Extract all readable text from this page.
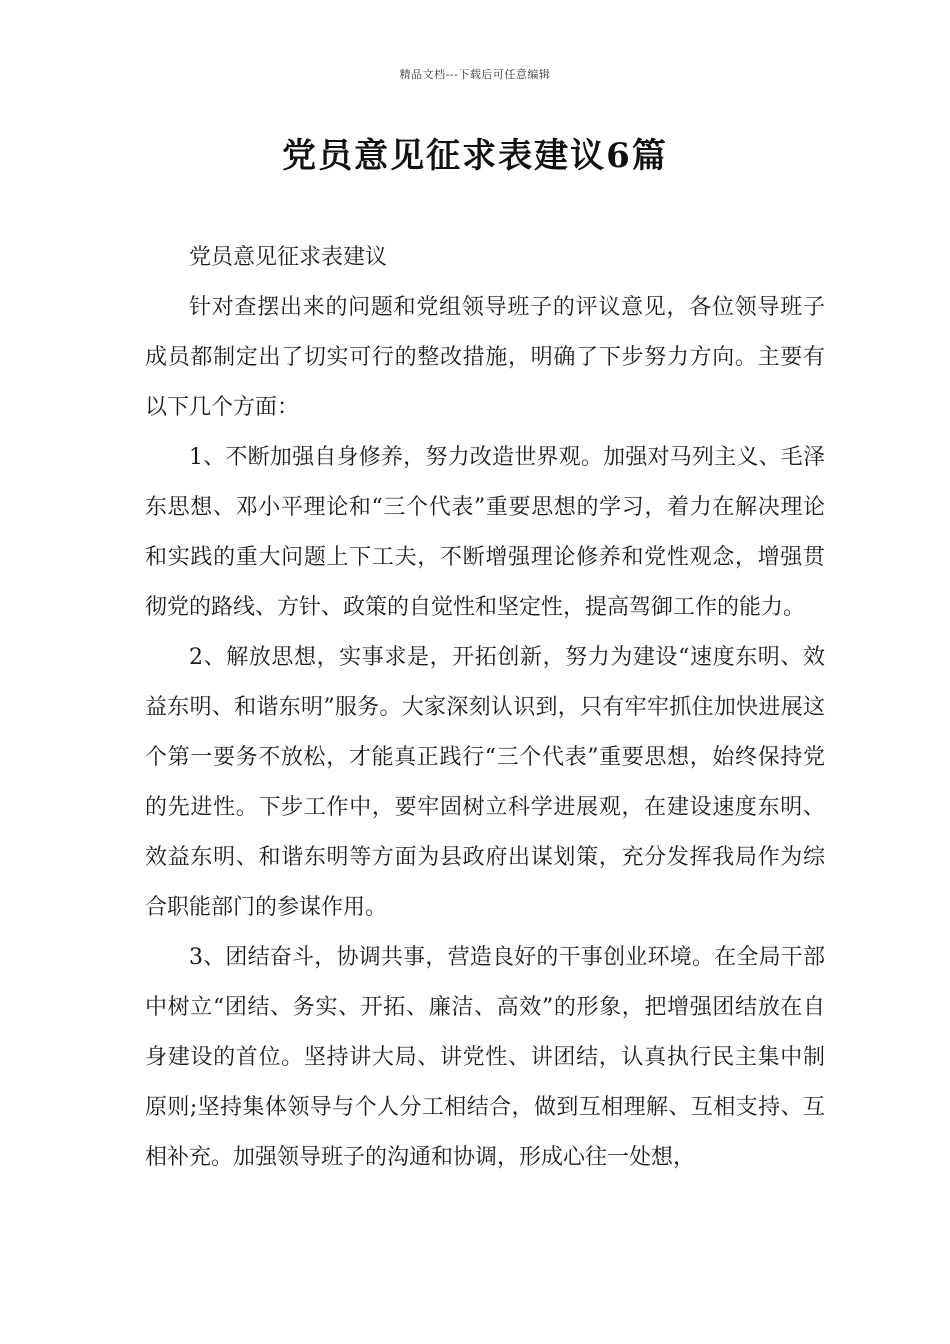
精品文档---下载后可任意编辑
党员意见征求表建议6篇

党员意见征求表建议

针对查摆出来的问题和党组领导班子的评议意见，各位领导班子成员都制定出了切实可行的整改措施，明确了下步努力方向。主要有以下几个方面：

1、不断加强自身修养，努力改造世界观。加强对马列主义、毛泽东思想、邓小平理论和“三个代表”重要思想的学习，着力在解决理论和实践的重大问题上下工夫，不断增强理论修养和党性观念，增强贯彻党的路线、方针、政策的自觉性和坚定性，提高驾御工作的能力。

2、解放思想，实事求是，开拓创新，努力为建设“速度东明、效益东明、和谐东明”服务。大家深刻认识到，只有牢牢抓住加快进展这个第一要务不放松，才能真正践行“三个代表”重要思想，始终保持党的先进性。下步工作中，要牢固树立科学进展观，在建设速度东明、效益东明、和谐东明等方面为县政府出谋划策，充分发挥我局作为综合职能部门的参谋作用。

3、团结奋斗，协调共事，营造良好的干事创业环境。在全局干部中树立“团结、务实、开拓、廉洁、高效”的形象，把增强团结放在自身建设的首位。坚持讲大局、讲党性、讲团结，认真执行民主集中制原则;坚持集体领导与个人分工相结合，做到互相理解、互相支持、互相补充。加强领导班子的沟通和协调，形成心往一处想，
